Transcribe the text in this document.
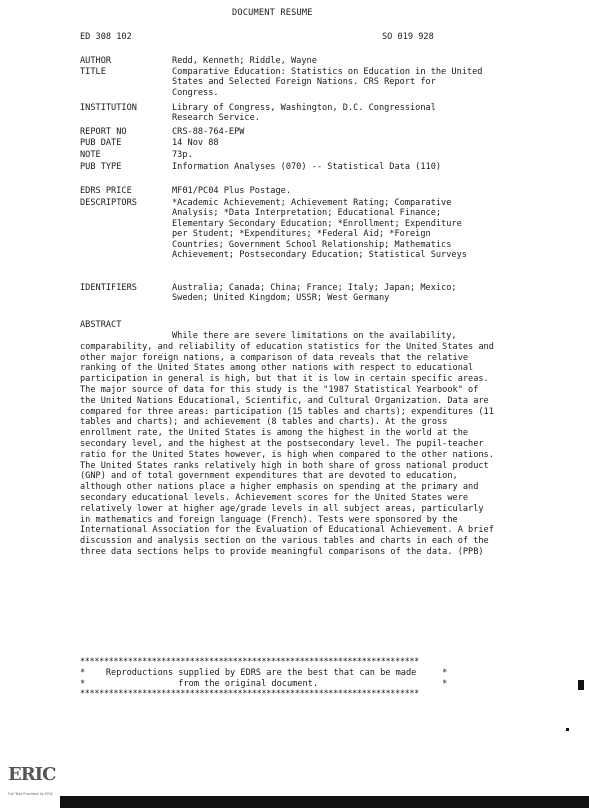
DOCUMENT RESUME
ED 308 102	SO 019 928
AUTHOR	Redd, Kenneth; Riddle, Wayne
TITLE	Comparative Education: Statistics on Education in the United States and Selected Foreign Nations. CRS Report for Congress.
INSTITUTION	Library of Congress, Washington, D.C. Congressional Research Service.
REPORT NO	CRS-88-764-EPW
PUB DATE	14 Nov 88
NOTE	73p.
PUB TYPE	Information Analyses (070) -- Statistical Data (110)
EDRS PRICE	MF01/PC04 Plus Postage.
DESCRIPTORS	*Academic Achievement; Achievement Rating; Comparative Analysis; *Data Interpretation; Educational Finance; Elementary Secondary Education; *Enrollment; Expenditure per Student; *Expenditures; *Federal Aid; *Foreign Countries; Government School Relationship; Mathematics Achievement; Postsecondary Education; Statistical Surveys
IDENTIFIERS	Australia; Canada; China; France; Italy; Japan; Mexico; Sweden; United Kingdom; USSR; West Germany
ABSTRACT
While there are severe limitations on the availability, comparability, and reliability of education statistics for the United States and other major foreign nations, a comparison of data reveals that the relative ranking of the United States among other nations with respect to educational participation in general is high, but that it is low in certain specific areas. The major source of data for this study is the "1987 Statistical Yearbook" of the United Nations Educational, Scientific, and Cultural Organization. Data are compared for three areas: participation (15 tables and charts); expenditures (11 tables and charts); and achievement (8 tables and charts). At the gross enrollment rate, the United States is among the highest in the world at the secondary level, and the highest at the postsecondary level. The pupil-teacher ratio for the United States however, is high when compared to the other nations. The United States ranks relatively high in both share of gross national product (GNP) and of total government expenditures that are devoted to education, although other nations place a higher emphasis on spending at the primary and secondary educational levels. Achievement scores for the United States were relatively lower at higher age/grade levels in all subject areas, particularly in mathematics and foreign language (French). Tests were sponsored by the International Association for the Evaluation of Educational Achievement. A brief discussion and analysis section on the various tables and charts in each of the three data sections helps to provide meaningful comparisons of the data. (PPB)
***********************************************************************
*    Reproductions supplied by EDRS are the best that can be made     *
*                  from the original document.                        *
***********************************************************************
ERIC
Full Text Provided by ERIC
